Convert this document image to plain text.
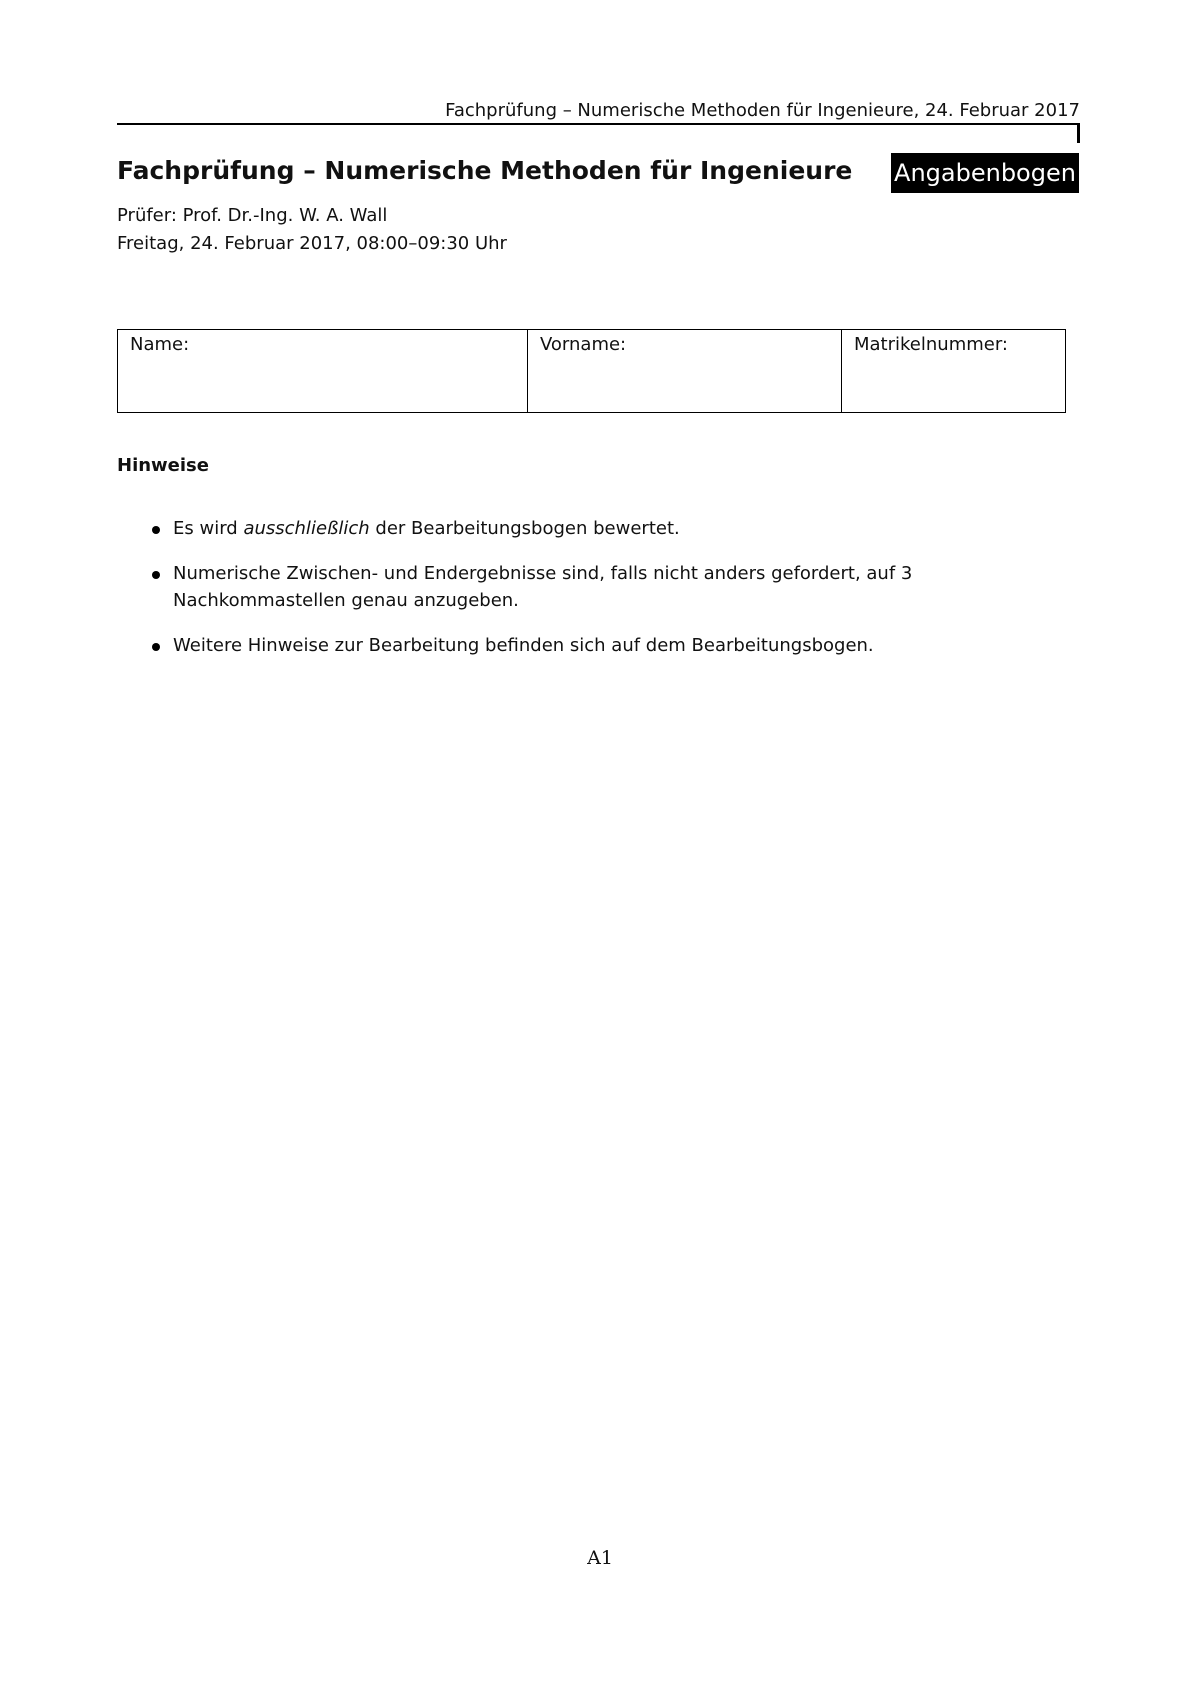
Fachprüfung – Numerische Methoden für Ingenieure, 24. Februar 2017
Fachprüfung – Numerische Methoden für Ingenieure Angabenbogen
Prüfer: Prof. Dr.-Ing. W. A. Wall
Freitag, 24. Februar 2017, 08:00–09:30 Uhr
Name:	Vorname:	Matrikelnummer:
Hinweise
Es wird ausschließlich der Bearbeitungsbogen bewertet.
Numerische Zwischen- und Endergebnisse sind, falls nicht anders gefordert, auf 3 Nachkommastellen genau anzugeben.
Weitere Hinweise zur Bearbeitung befinden sich auf dem Bearbeitungsbogen.
A1
